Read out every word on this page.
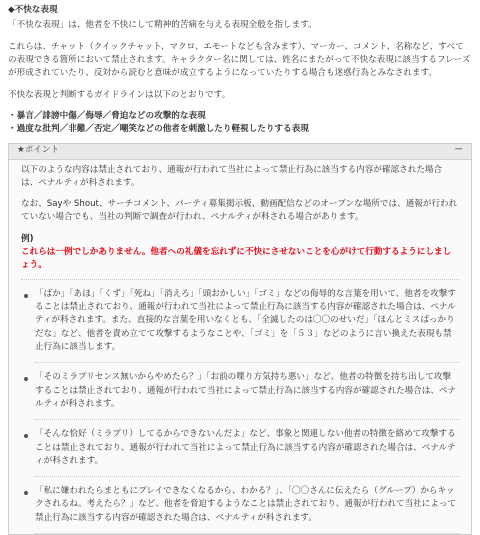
◆不快な表現

「不快な表現」は、他者を不快にして精神的苦痛を与える表現全般を指します。

これらは、チャット（クイックチャット、マクロ、エモートなども含みます）、マーカー、コメント、名称など、すべての表現できる箇所において禁止されます。キャラクター名に関しては、姓名にまたがって不快な表現に該当するフレーズが形成されていたり、反対から読むと意味が成立するようになっていたりする場合も迷惑行為とみなされます。

不快な表現と判断するガイドラインは以下のとおりです。

・暴言／誹謗中傷／侮辱／脅迫などの攻撃的な表現
・過度な批判／非難／否定／嘲笑などの他者を刺激したり軽視したりする表現
★ポイント	－

以下のような内容は禁止されており、通報が行われて当社によって禁止行為に該当する内容が確認された場合は、ペナルティが科されます。

なお、Sayや Shout、サーチコメント、パーティ募集掲示板、動画配信などのオープンな場所では、通報が行われていない場合でも、当社の判断で調査が行われ、ペナルティが科される場合があります。

例)

これらは一例でしかありません。他者への礼儀を忘れずに不快にさせないことを心がけて行動するようにしましょう。

「ばか」「あほ」「くず」「死ね」「消えろ」「頭おかしい」「ゴミ」などの侮辱的な言葉を用いて、他者を攻撃することは禁止されており、通報が行われて当社によって禁止行為に該当する内容が確認された場合は、ペナルティが科されます。また、直接的な言葉を用いなくとも、「全滅したのは〇〇のせいだ」「ほんとミスばっかりだな」など、他者を責め立てて攻撃するようなことや、「ゴミ」を「５３」などのように言い換えた表現も禁止行為に該当します。
「そのミラプリセンス無いからやめたら？」「お前の喋り方気持ち悪い」など、他者の特徴を持ち出して攻撃することは禁止されており、通報が行われて当社によって禁止行為に該当する内容が確認された場合は、ペナルティが科されます。
「そんな恰好（ミラプリ）してるからできないんだよ」など、事象と関連しない他者の特徴を絡めて攻撃することは禁止されており、通報が行われて当社によって禁止行為に該当する内容が確認された場合は、ペナルティが科されます。
「私に嫌われたらまともにプレイできなくなるから、わかる？」、「〇〇さんに伝えたら（グループ）からキックされるね。考えたら？」など、他者を脅迫するようなことは禁止されており、通報が行われて当社によって禁止行為に該当する内容が確認された場合は、ペナルティが科されます。
